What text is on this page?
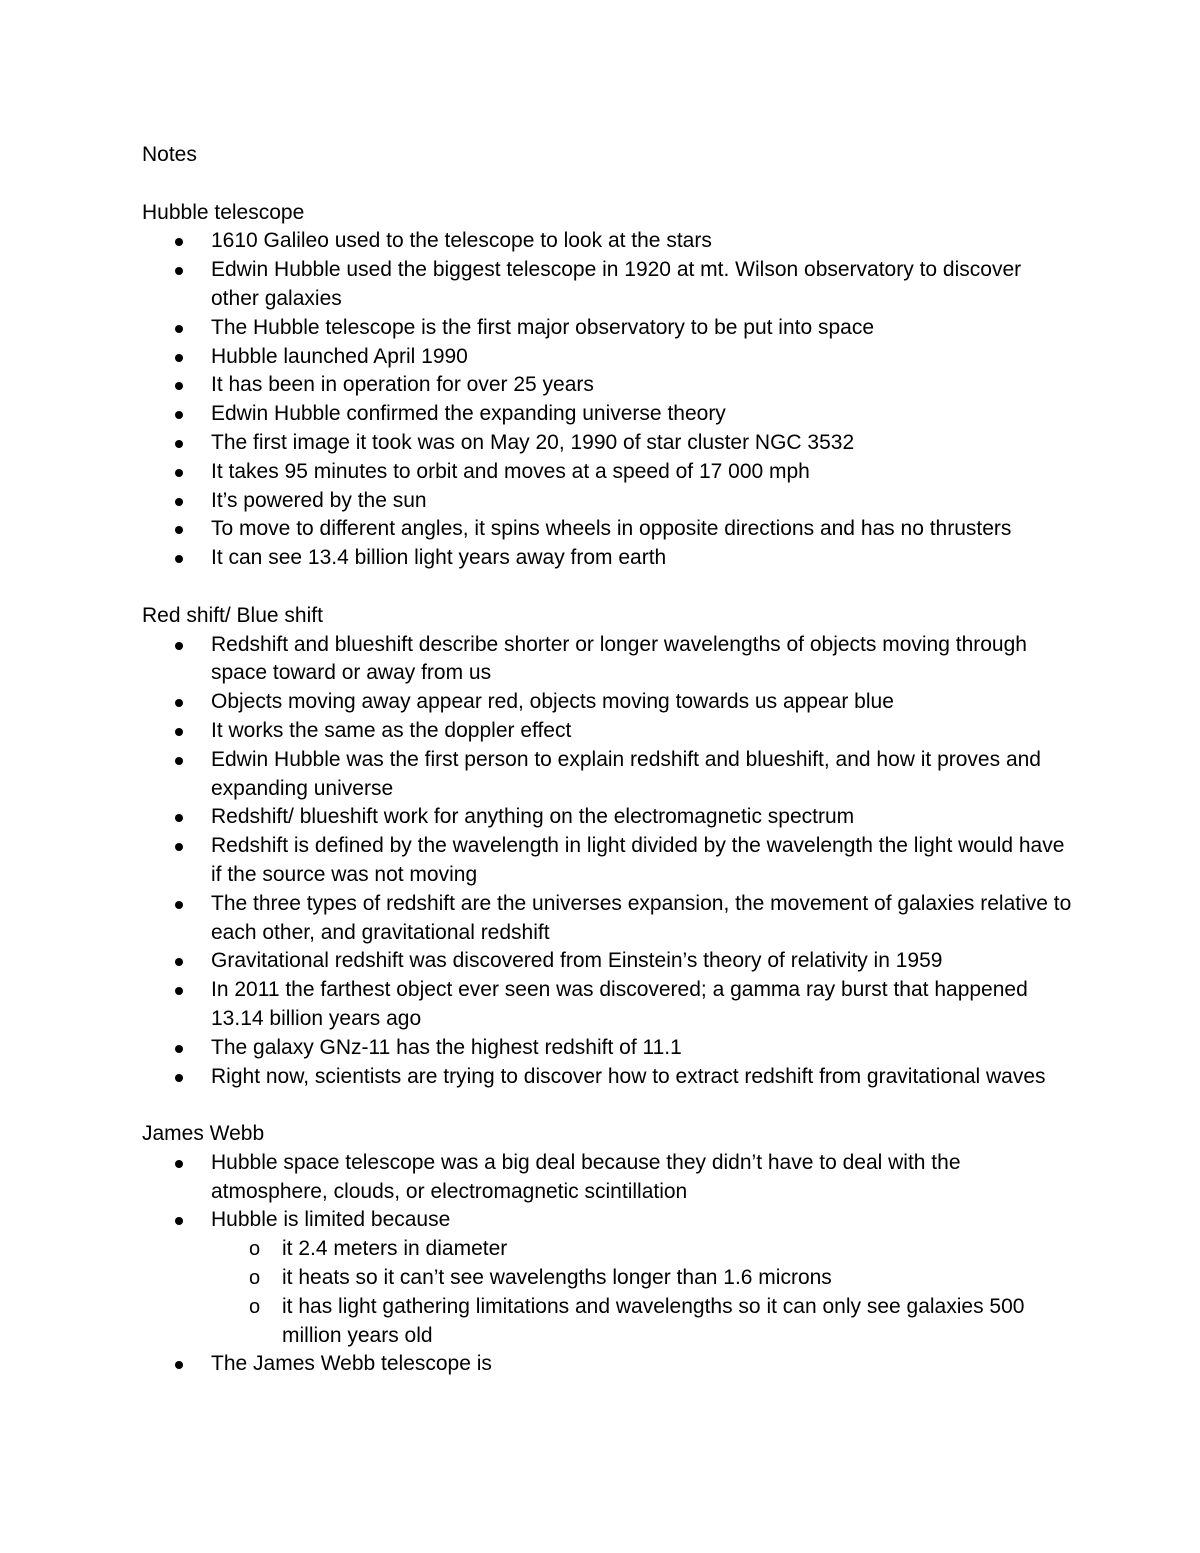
Notes

Hubble telescope

1610 Galileo used to the telescope to look at the stars
Edwin Hubble used the biggest telescope in 1920 at mt. Wilson observatory to discover other galaxies
The Hubble telescope is the first major observatory to be put into space
Hubble launched April 1990
It has been in operation for over 25 years
Edwin Hubble confirmed the expanding universe theory
The first image it took was on May 20, 1990 of star cluster NGC 3532
It takes 95 minutes to orbit and moves at a speed of 17 000 mph
It’s powered by the sun
To move to different angles, it spins wheels in opposite directions and has no thrusters
It can see 13.4 billion light years away from earth

Red shift/ Blue shift

Redshift and blueshift describe shorter or longer wavelengths of objects moving through space toward or away from us
Objects moving away appear red, objects moving towards us appear blue
It works the same as the doppler effect
Edwin Hubble was the first person to explain redshift and blueshift, and how it proves and expanding universe
Redshift/ blueshift work for anything on the electromagnetic spectrum
Redshift is defined by the wavelength in light divided by the wavelength the light would have if the source was not moving
The three types of redshift are the universes expansion, the movement of galaxies relative to each other, and gravitational redshift
Gravitational redshift was discovered from Einstein’s theory of relativity in 1959
In 2011 the farthest object ever seen was discovered; a gamma ray burst that happened 13.14 billion years ago
The galaxy GNz-11 has the highest redshift of 11.1
Right now, scientists are trying to discover how to extract redshift from gravitational waves

James Webb

Hubble space telescope was a big deal because they didn’t have to deal with the atmosphere, clouds, or electromagnetic scintillation
Hubble is limited because
o it 2.4 meters in diameter
o it heats so it can’t see wavelengths longer than 1.6 microns
o it has light gathering limitations and wavelengths so it can only see galaxies 500 million years old
The James Webb telescope is
